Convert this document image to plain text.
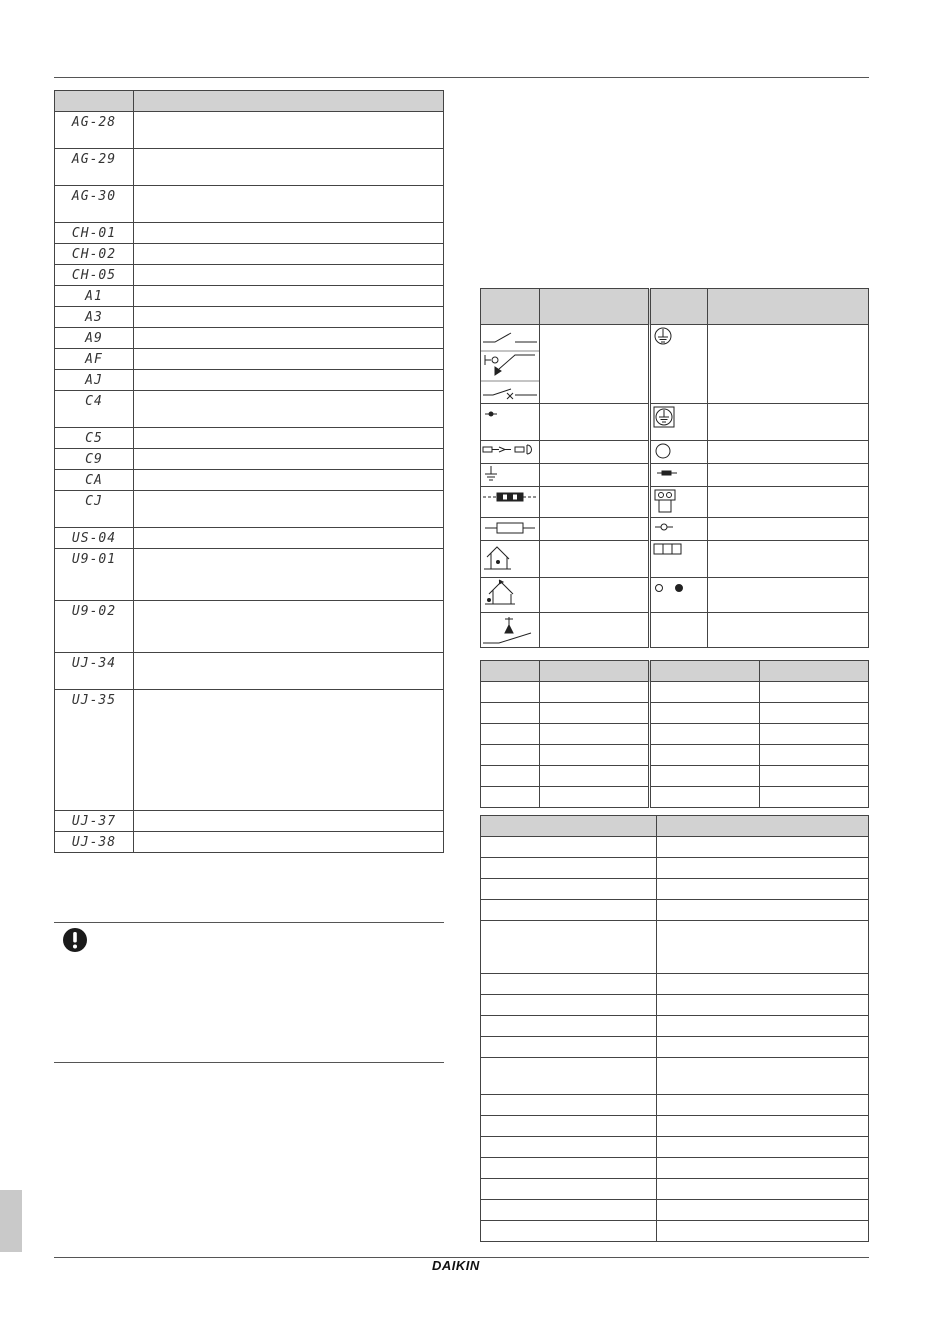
AG-28	
AG-29	
AG-30	
CH-01	
CH-02	
CH-05	
A1	
A3	
A9	
AF	
AJ	
C4	
C5	
C9	
CA	
CJ	
US-04	
U9-01	
U9-02	
UJ-34	
UJ-35	
UJ-37	
UJ-38	

DAIKIN
